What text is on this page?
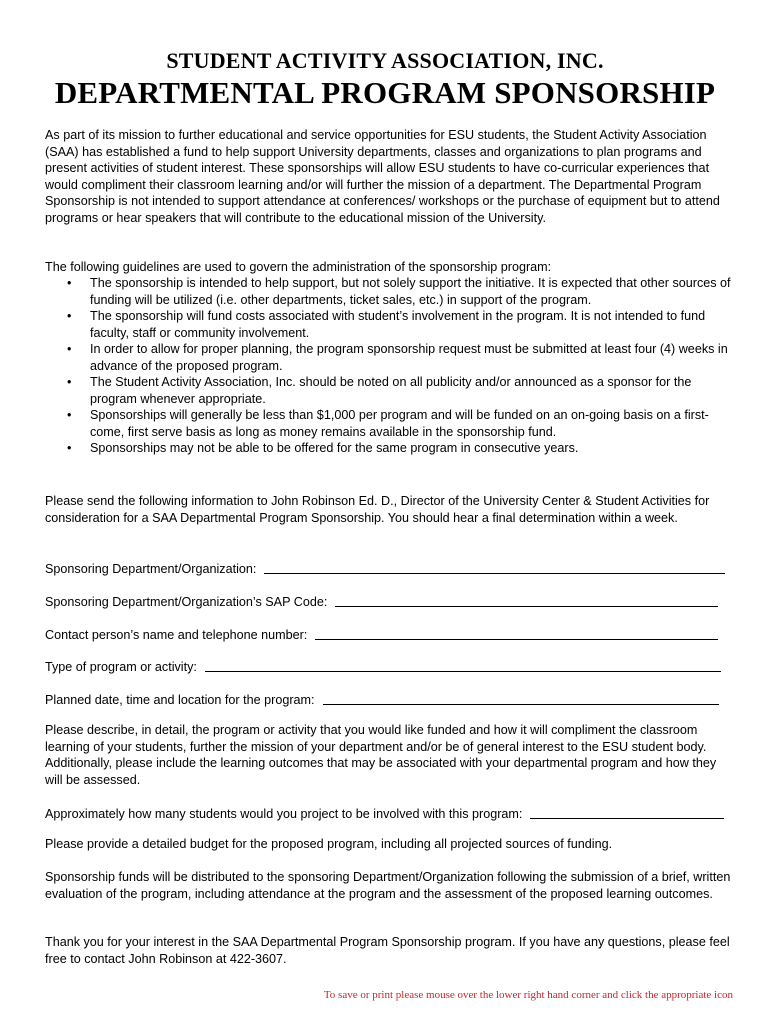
STUDENT ACTIVITY ASSOCIATION, INC.
DEPARTMENTAL PROGRAM SPONSORSHIP
As part of its mission to further educational and service opportunities for ESU students, the Student Activity Association (SAA) has established a fund to help support University departments, classes and organizations to plan programs and present activities of student interest. These sponsorships will allow ESU students to have co-curricular experiences that would compliment their classroom learning and/or will further the mission of a department. The Departmental Program Sponsorship is not intended to support attendance at conferences/ workshops or the purchase of equipment but to attend programs or hear speakers that will contribute to the educational mission of the University.
The following guidelines are used to govern the administration of the sponsorship program:
• The sponsorship is intended to help support, but not solely support the initiative. It is expected that other sources of funding will be utilized (i.e. other departments, ticket sales, etc.) in support of the program.
• The sponsorship will fund costs associated with student’s involvement in the program. It is not intended to fund faculty, staff or community involvement.
• In order to allow for proper planning, the program sponsorship request must be submitted at least four (4) weeks in advance of the proposed program.
• The Student Activity Association, Inc. should be noted on all publicity and/or announced as a sponsor for the program whenever appropriate.
• Sponsorships will generally be less than $1,000 per program and will be funded on an on-going basis on a first-come, first serve basis as long as money remains available in the sponsorship fund.
• Sponsorships may not be able to be offered for the same program in consecutive years.
Please send the following information to John Robinson Ed. D., Director of the University Center & Student Activities for consideration for a SAA Departmental Program Sponsorship. You should hear a final determination within a week.
Sponsoring Department/Organization:
Sponsoring Department/Organization’s SAP Code:
Contact person’s name and telephone number:
Type of program or activity:
Planned date, time and location for the program:
Please describe, in detail, the program or activity that you would like funded and how it will compliment the classroom learning of your students, further the mission of your department and/or be of general interest to the ESU student body. Additionally, please include the learning outcomes that may be associated with your departmental program and how they will be assessed.
Approximately how many students would you project to be involved with this program:
Please provide a detailed budget for the proposed program, including all projected sources of funding.
Sponsorship funds will be distributed to the sponsoring Department/Organization following the submission of a brief, written evaluation of the program, including attendance at the program and the assessment of the proposed learning outcomes.
Thank you for your interest in the SAA Departmental Program Sponsorship program. If you have any questions, please feel free to contact John Robinson at 422-3607.
To save or print please mouse over the lower right hand corner and click the appropriate icon
